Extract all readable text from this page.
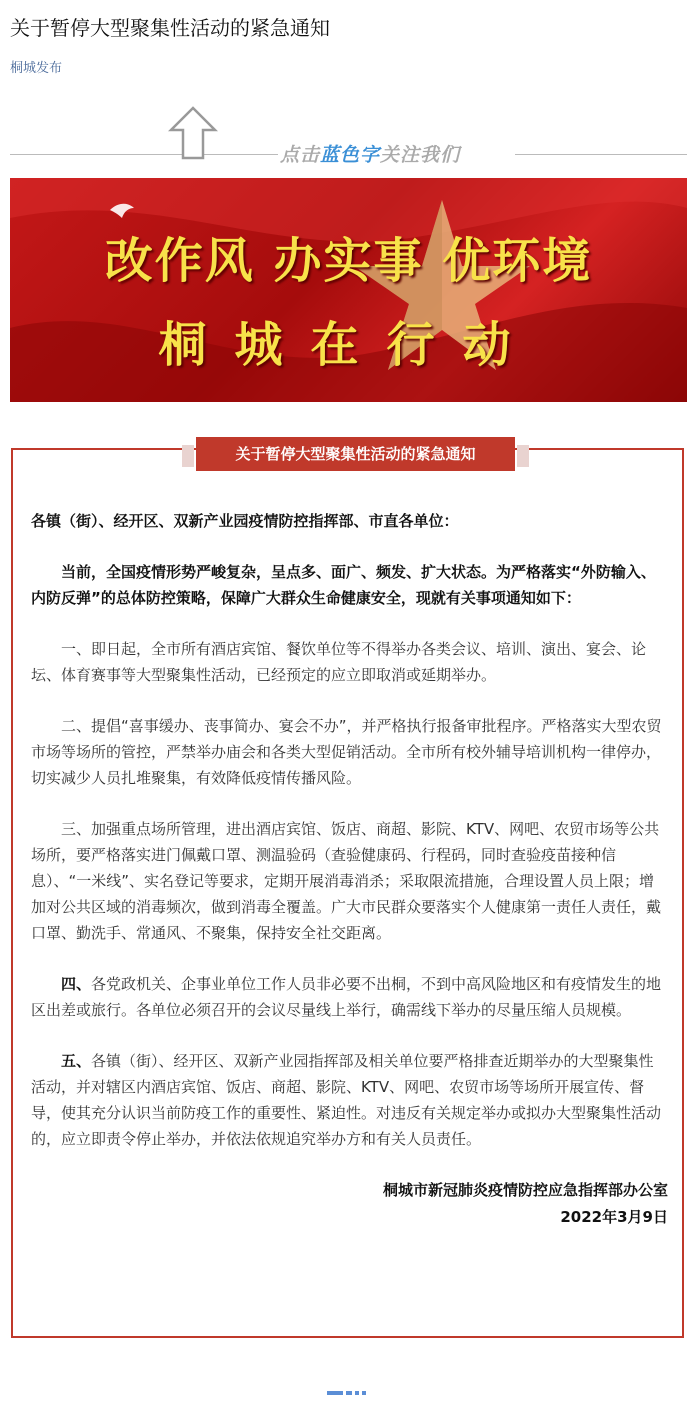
关于暂停大型聚集性活动的紧急通知
桐城发布
点击蓝色字关注我们
改作风 办实事 优环境
桐城在行动
关于暂停大型聚集性活动的紧急通知

各镇（街）、经开区、双新产业园疫情防控指挥部、市直各单位：

当前，全国疫情形势严峻复杂，呈点多、面广、频发、扩大状态。为严格落实“外防输入、内防反弹”的总体防控策略，保障广大群众生命健康安全，现就有关事项通知如下：

一、即日起，全市所有酒店宾馆、餐饮单位等不得举办各类会议、培训、演出、宴会、论坛、体育赛事等大型聚集性活动，已经预定的应立即取消或延期举办。

二、提倡“喜事缓办、丧事简办、宴会不办”，并严格执行报备审批程序。严格落实大型农贸市场等场所的管控，严禁举办庙会和各类大型促销活动。全市所有校外辅导培训机构一律停办，切实减少人员扎堆聚集，有效降低疫情传播风险。

三、加强重点场所管理，进出酒店宾馆、饭店、商超、影院、KTV、网吧、农贸市场等公共场所，要严格落实进门佩戴口罩、测温验码（查验健康码、行程码，同时查验疫苗接种信息）、“一米线”、实名登记等要求，定期开展消毒消杀；采取限流措施，合理设置人员上限；增加对公共区域的消毒频次，做到消毒全覆盖。广大市民群众要落实个人健康第一责任人责任，戴口罩、勤洗手、常通风、不聚集，保持安全社交距离。

四、各党政机关、企事业单位工作人员非必要不出桐，不到中高风险地区和有疫情发生的地区出差或旅行。各单位必须召开的会议尽量线上举行，确需线下举办的尽量压缩人员规模。

五、各镇（街）、经开区、双新产业园指挥部及相关单位要严格排查近期举办的大型聚集性活动，并对辖区内酒店宾馆、饭店、商超、影院、KTV、网吧、农贸市场等场所开展宣传、督导，使其充分认识当前防疫工作的重要性、紧迫性。对违反有关规定举办或拟办大型聚集性活动的，应立即责令停止举办，并依法依规追究举办方和有关人员责任。

桐城市新冠肺炎疫情防控应急指挥部办公室

2022年3月9日
